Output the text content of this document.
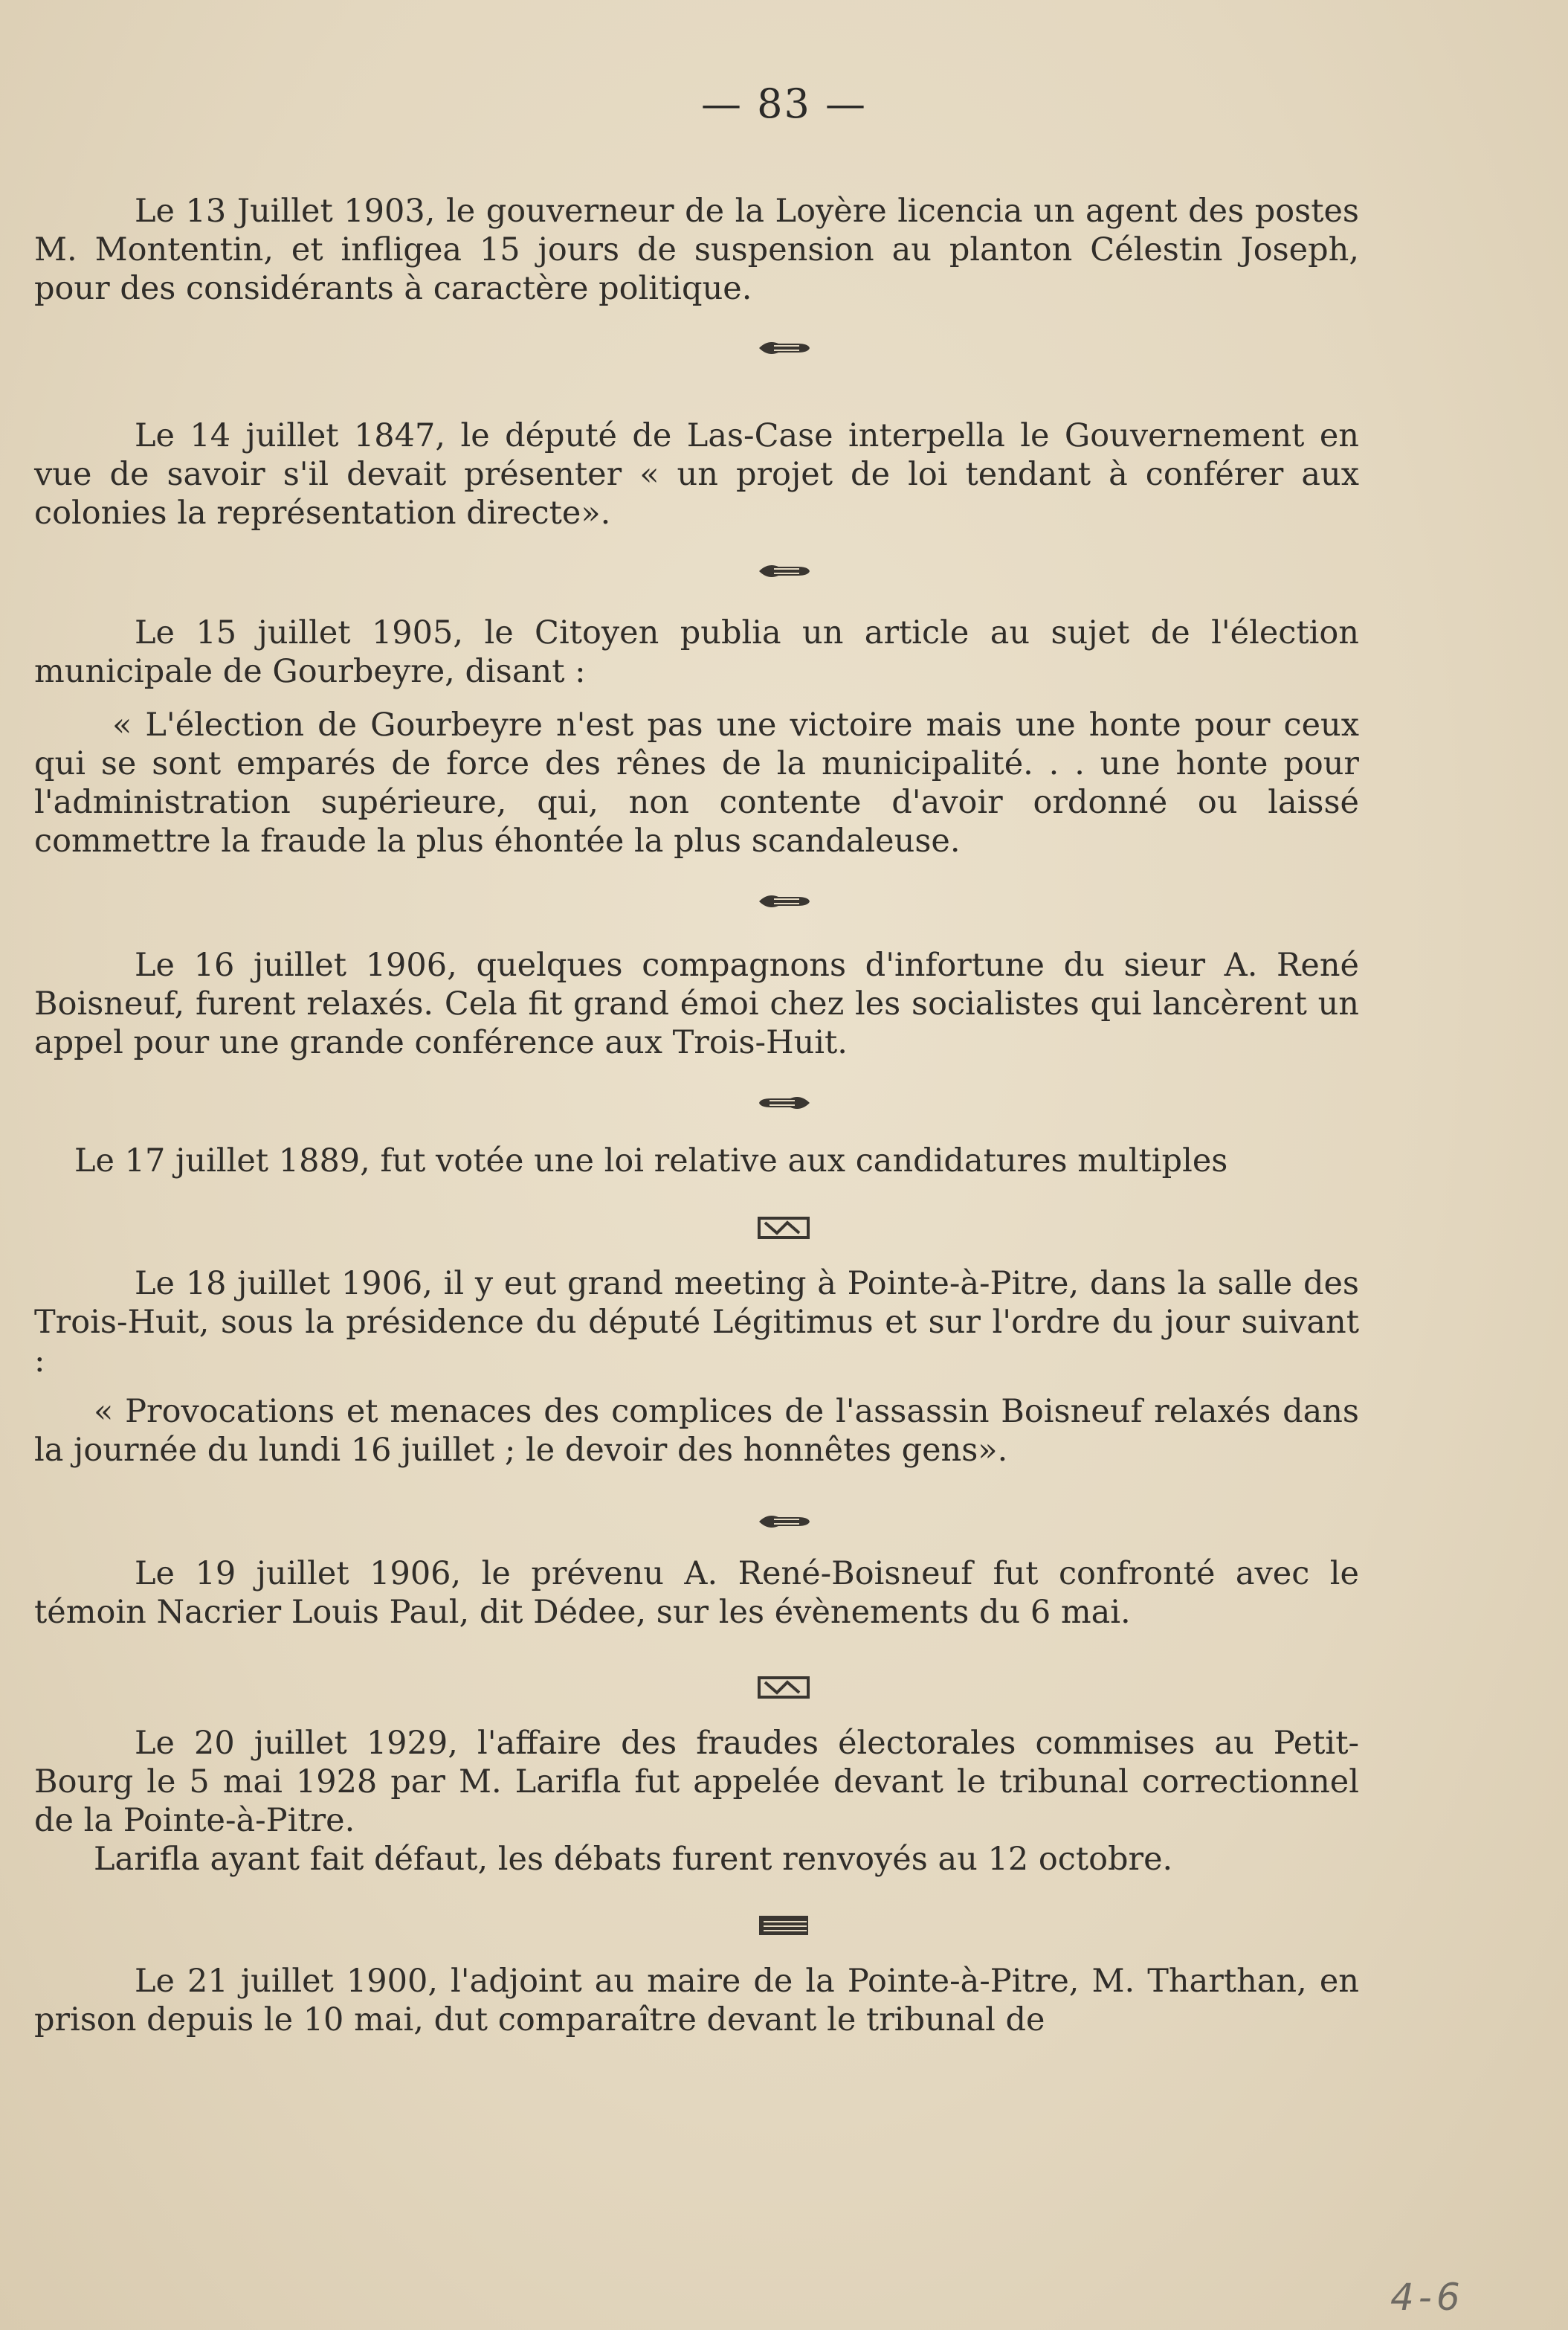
— 83 —

Le 13 Juillet 1903, le gouverneur de la Loyère licencia un agent des postes M. Montentin, et infligea 15 jours de suspension au planton Célestin Joseph, pour des considérants à caractère politique.

Le 14 juillet 1847, le député de Las-Case interpella le Gouvernement en vue de savoir s'il devait présenter « un projet de loi tendant à conférer aux colonies la représentation directe».

Le 15 juillet 1905, le Citoyen publia un article au sujet de l'élection municipale de Gourbeyre, disant :

« L'élection de Gourbeyre n'est pas une victoire mais une honte pour ceux qui se sont emparés de force des rênes de la municipalité. . . une honte pour l'administration supérieure, qui, non contente d'avoir ordonné ou laissé commettre la fraude la plus éhontée la plus scandaleuse.

Le 16 juillet 1906, quelques compagnons d'infortune du sieur A. René Boisneuf, furent relaxés. Cela fit grand émoi chez les socialistes qui lancèrent un appel pour une grande conférence aux Trois-Huit.

Le 17 juillet 1889, fut votée une loi relative aux candidatures multiples

Le 18 juillet 1906, il y eut grand meeting à Pointe-à-Pitre, dans la salle des Trois-Huit, sous la présidence du député Légitimus et sur l'ordre du jour suivant :

« Provocations et menaces des complices de l'assassin Boisneuf relaxés dans la journée du lundi 16 juillet ; le devoir des honnêtes gens».

Le 19 juillet 1906, le prévenu A. René-Boisneuf fut confronté avec le témoin Nacrier Louis Paul, dit Dédee, sur les évènements du 6 mai.

Le 20 juillet 1929, l'affaire des fraudes électorales commises au Petit-Bourg le 5 mai 1928 par M. Larifla fut appelée devant le tribunal correctionnel de la Pointe-à-Pitre.

Larifla ayant fait défaut, les débats furent renvoyés au 12 octobre.

Le 21 juillet 1900, l'adjoint au maire de la Pointe-à-Pitre, M. Tharthan, en prison depuis le 10 mai, dut comparaître devant le tribunal de

4-6
